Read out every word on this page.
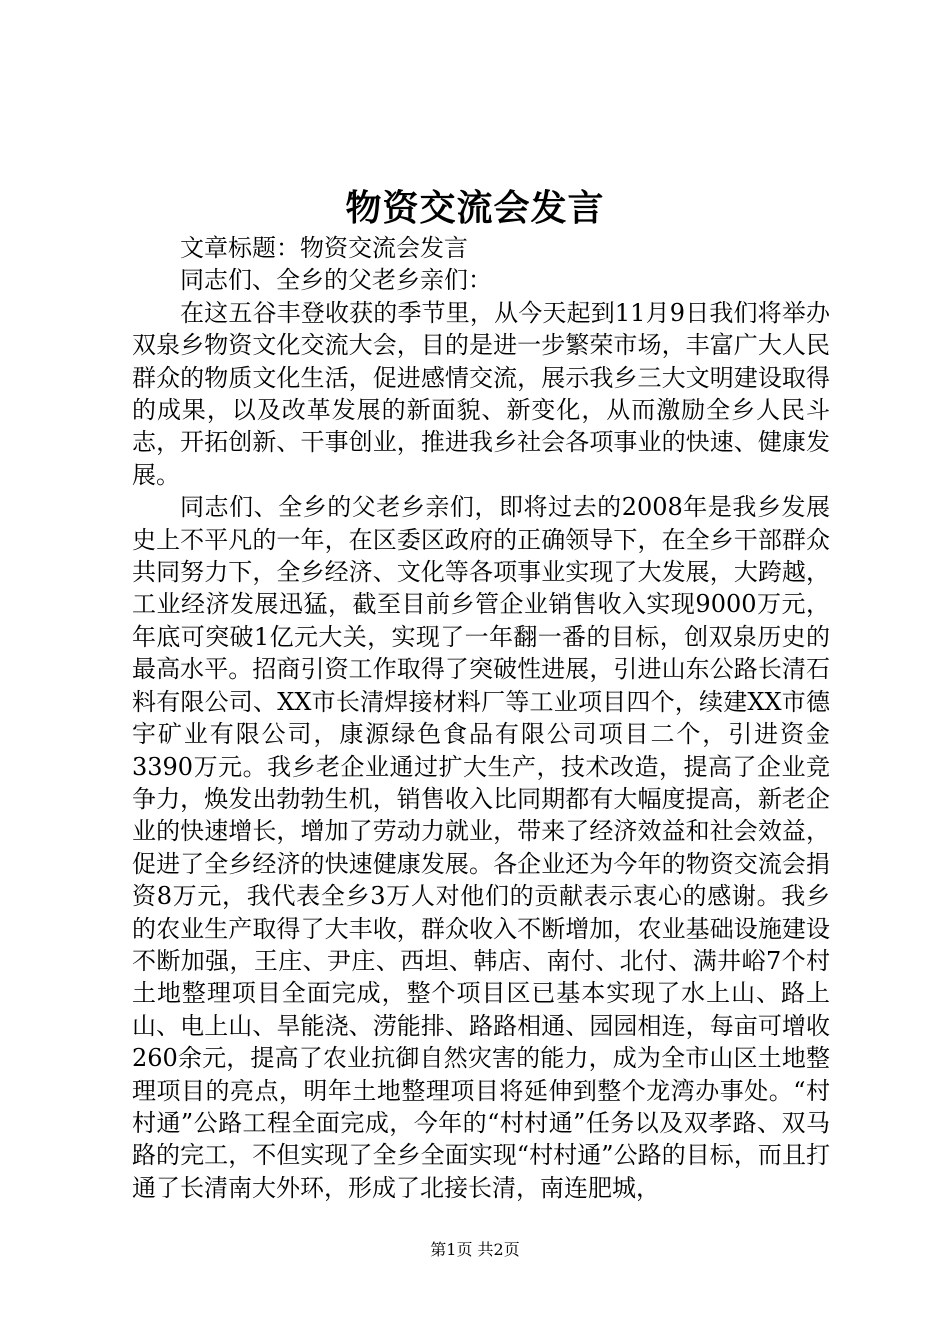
物资交流会发言

文章标题：物资交流会发言

同志们、全乡的父老乡亲们：

在这五谷丰登收获的季节里，从今天起到11月9日我们将举办双泉乡物资文化交流大会，目的是进一步繁荣市场，丰富广大人民群众的物质文化生活，促进感情交流，展示我乡三大文明建设取得的成果，以及改革发展的新面貌、新变化，从而激励全乡人民斗志，开拓创新、干事创业，推进我乡社会各项事业的快速、健康发展。

同志们、全乡的父老乡亲们，即将过去的2008年是我乡发展史上不平凡的一年，在区委区政府的正确领导下，在全乡干部群众共同努力下，全乡经济、文化等各项事业实现了大发展，大跨越，工业经济发展迅猛，截至目前乡管企业销售收入实现9000万元，年底可突破1亿元大关，实现了一年翻一番的目标，创双泉历史的最高水平。招商引资工作取得了突破性进展，引进山东公路长清石料有限公司、XX市长清焊接材料厂等工业项目四个，续建XX市德宇矿业有限公司，康源绿色食品有限公司项目二个，引进资金3390万元。我乡老企业通过扩大生产，技术改造，提高了企业竞争力，焕发出勃勃生机，销售收入比同期都有大幅度提高，新老企业的快速增长，增加了劳动力就业，带来了经济效益和社会效益，促进了全乡经济的快速健康发展。各企业还为今年的物资交流会捐资8万元，我代表全乡3万人对他们的贡献表示衷心的感谢。我乡的农业生产取得了大丰收，群众收入不断增加，农业基础设施建设不断加强，王庄、尹庄、西坦、韩店、南付、北付、满井峪7个村土地整理项目全面完成，整个项目区已基本实现了水上山、路上山、电上山、旱能浇、涝能排、路路相通、园园相连，每亩可增收260余元，提高了农业抗御自然灾害的能力，成为全市山区土地整理项目的亮点，明年土地整理项目将延伸到整个龙湾办事处。“村村通”公路工程全面完成，今年的“村村通”任务以及双孝路、双马路的完工，不但实现了全乡全面实现“村村通”公路的目标，而且打通了长清南大外环，形成了北接长清，南连肥城，

第1页 共2页
